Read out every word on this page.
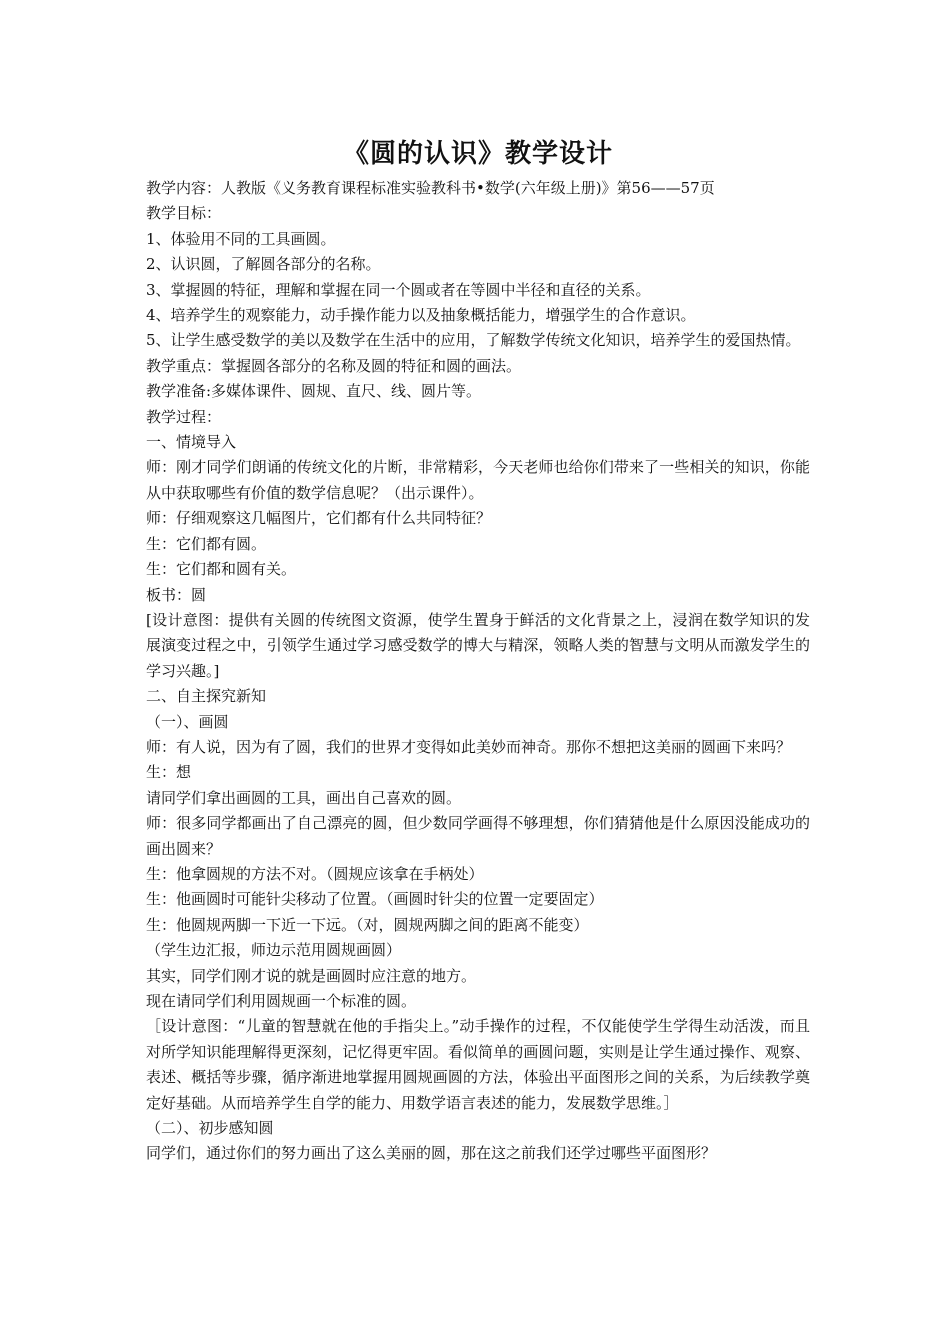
《圆的认识》教学设计

教学内容：人教版《义务教育课程标准实验教科书•数学(六年级上册)》第56——57页

教学目标：

1、体验用不同的工具画圆。

2、认识圆，了解圆各部分的名称。

3、掌握圆的特征，理解和掌握在同一个圆或者在等圆中半径和直径的关系。

4、培养学生的观察能力，动手操作能力以及抽象概括能力，增强学生的合作意识。

5、让学生感受数学的美以及数学在生活中的应用，了解数学传统文化知识，培养学生的爱国热情。

教学重点：掌握圆各部分的名称及圆的特征和圆的画法。

教学准备:多媒体课件、圆规、直尺、线、圆片等。

教学过程：

一、情境导入

师：刚才同学们朗诵的传统文化的片断，非常精彩，今天老师也给你们带来了一些相关的知识，你能从中获取哪些有价值的数学信息呢？（出示课件）。

师：仔细观察这几幅图片，它们都有什么共同特征？

生：它们都有圆。

生：它们都和圆有关。

板书：圆

[设计意图：提供有关圆的传统图文资源，使学生置身于鲜活的文化背景之上，浸润在数学知识的发展演变过程之中，引领学生通过学习感受数学的博大与精深，领略人类的智慧与文明从而激发学生的学习兴趣。]

二、自主探究新知

（一）、画圆

师：有人说，因为有了圆，我们的世界才变得如此美妙而神奇。那你不想把这美丽的圆画下来吗？

生：想

请同学们拿出画圆的工具，画出自己喜欢的圆。

师：很多同学都画出了自己漂亮的圆，但少数同学画得不够理想，你们猜猜他是什么原因没能成功的画出圆来？

生：他拿圆规的方法不对。（圆规应该拿在手柄处）

生：他画圆时可能针尖移动了位置。（画圆时针尖的位置一定要固定）

生：他圆规两脚一下近一下远。（对，圆规两脚之间的距离不能变）

（学生边汇报，师边示范用圆规画圆）

其实，同学们刚才说的就是画圆时应注意的地方。

现在请同学们利用圆规画一个标准的圆。

［设计意图：“儿童的智慧就在他的手指尖上。”动手操作的过程，不仅能使学生学得生动活泼，而且对所学知识能理解得更深刻，记忆得更牢固。看似简单的画圆问题，实则是让学生通过操作、观察、表述、概括等步骤，循序渐进地掌握用圆规画圆的方法，体验出平面图形之间的关系，为后续教学奠定好基础。从而培养学生自学的能力、用数学语言表述的能力，发展数学思维。］

（二）、初步感知圆

同学们，通过你们的努力画出了这么美丽的圆，那在这之前我们还学过哪些平面图形？
